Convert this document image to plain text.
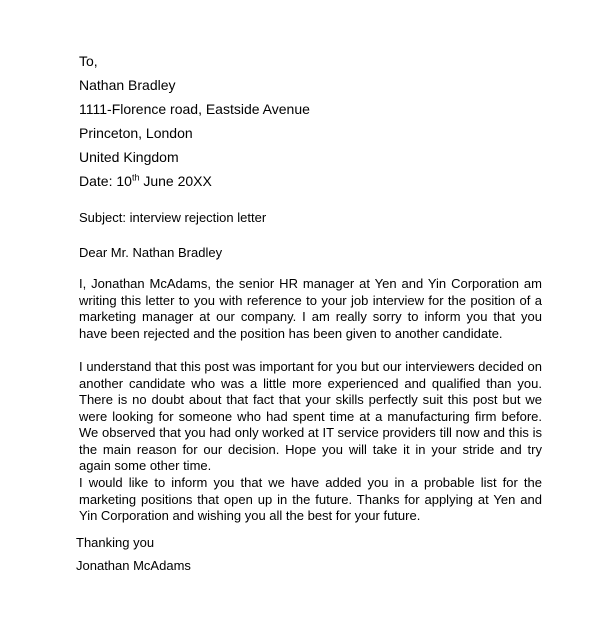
To,
Nathan Bradley
1111-Florence road, Eastside Avenue
Princeton, London
United Kingdom
Date: 10th June 20XX
Subject: interview rejection letter
Dear Mr. Nathan Bradley

I, Jonathan McAdams, the senior HR manager at Yen and Yin Corporation am writing this letter to you with reference to your job interview for the position of a marketing manager at our company. I am really sorry to inform you that you have been rejected and the position has been given to another candidate.

I understand that this post was important for you but our interviewers decided on another candidate who was a little more experienced and qualified than you. There is no doubt about that fact that your skills perfectly suit this post but we were looking for someone who had spent time at a manufacturing firm before. We observed that you had only worked at IT service providers till now and this is the main reason for our decision. Hope you will take it in your stride and try again some other time.

I would like to inform you that we have added you in a probable list for the marketing positions that open up in the future. Thanks for applying at Yen and Yin Corporation and wishing you all the best for your future.

Thanking you
Jonathan McAdams
